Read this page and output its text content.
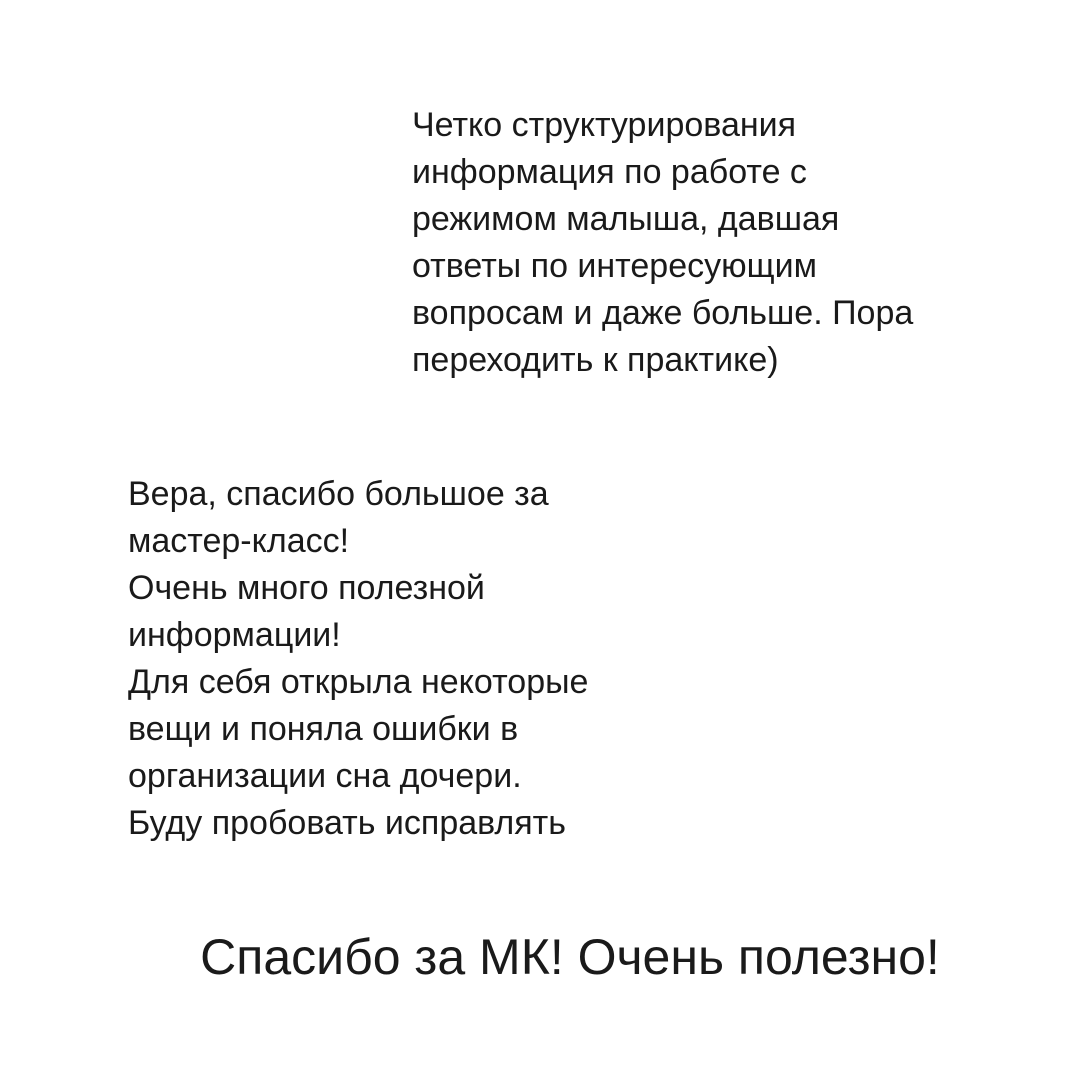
Четко структурирования
информация по работе с
режимом малыша, давшая
ответы по интересующим
вопросам и даже больше. Пора
переходить к практике)
Вера, спасибо большое за
мастер-класс!
Очень много полезной
информации!
Для себя открыла некоторые
вещи и поняла ошибки в
организации сна дочери.
Буду пробовать исправлять
Спасибо за МК! Очень полезно!
